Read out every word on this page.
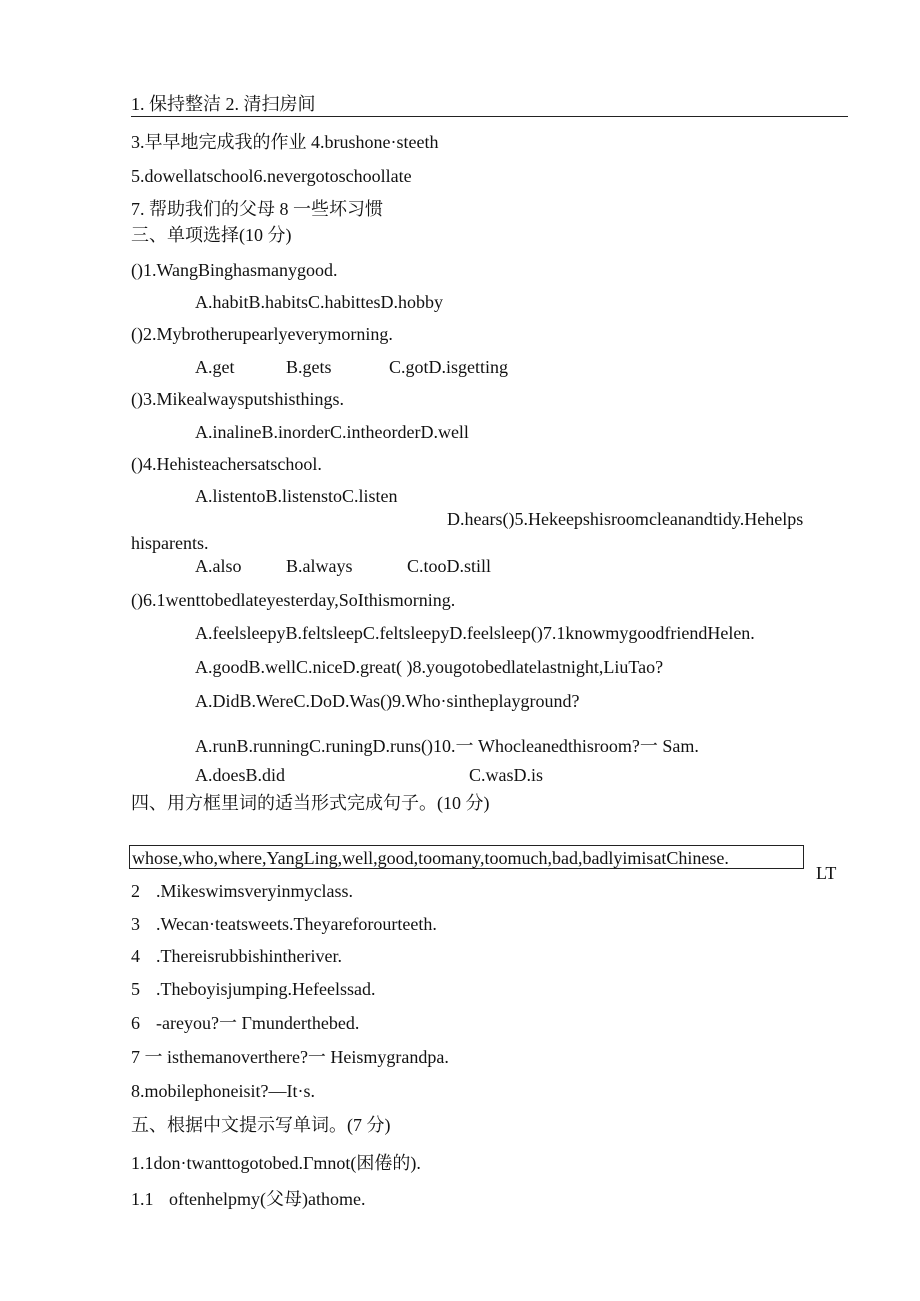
1. 保持整洁 2. 清扫房间
3.早早地完成我的作业 4.brushone·steeth
5.dowellatschool6.nevergotoschoollate
7. 帮助我们的父母 8 一些坏习惯
三、单项选择(10 分)
()1.WangBinghasmanygood.
A.habitB.habitsC.habittesD.hobby
()2.Mybrotherupearlyeverymorning.
A.get	B.gets	C.gotD.isgetting
()3.Mikealwaysputshisthings.
A.inalineB.inorderC.intheorderD.well
()4.Hehisteachersatschool.
A.listentoB.listenstoC.listen
D.hears()5.Hekeepshisroomcleanandtidy.Hehelps
hisparents.
A.also B.always	C.tooD.still
()6.1wenttobedlateyesterday,SoIthismorning.
A.feelsleepyB.feltsleepC.feltsleepyD.feelsleep()7.1knowmygoodfriendHelen.
A.goodB.wellC.niceD.great( )8.yougotobedlatelastnight,LiuTao?
A.DidB.WereC.DoD.Was()9.Who·sintheplayground?
A.runB.runningC.runingD.runs()10.一 Whocleanedthisroom?一 Sam.
A.doesB.did	C.wasD.is
四、用方框里词的适当形式完成句子。(10 分)
whose,who,where,YangLing,well,good,toomany,toomuch,bad,badlyimisatChinese.
LT
2 .Mikeswimsveryinmyclass.
3 .Wecan·teatsweets.Theyareforourteeth.
4 .Thereisrubbishintheriver.
5 .Theboyisjumping.Hefeelssad.
6 -areyou?一 Γmunderthebed.
7 一 isthemanoverthere?一 Heismygrandpa.
8.mobilephoneisit?—It·s.
五、根据中文提示写单词。(7 分)
1.1don·twanttogotobed.Γmnot(困倦的).
1.1 oftenhelpmy(父母)athome.
